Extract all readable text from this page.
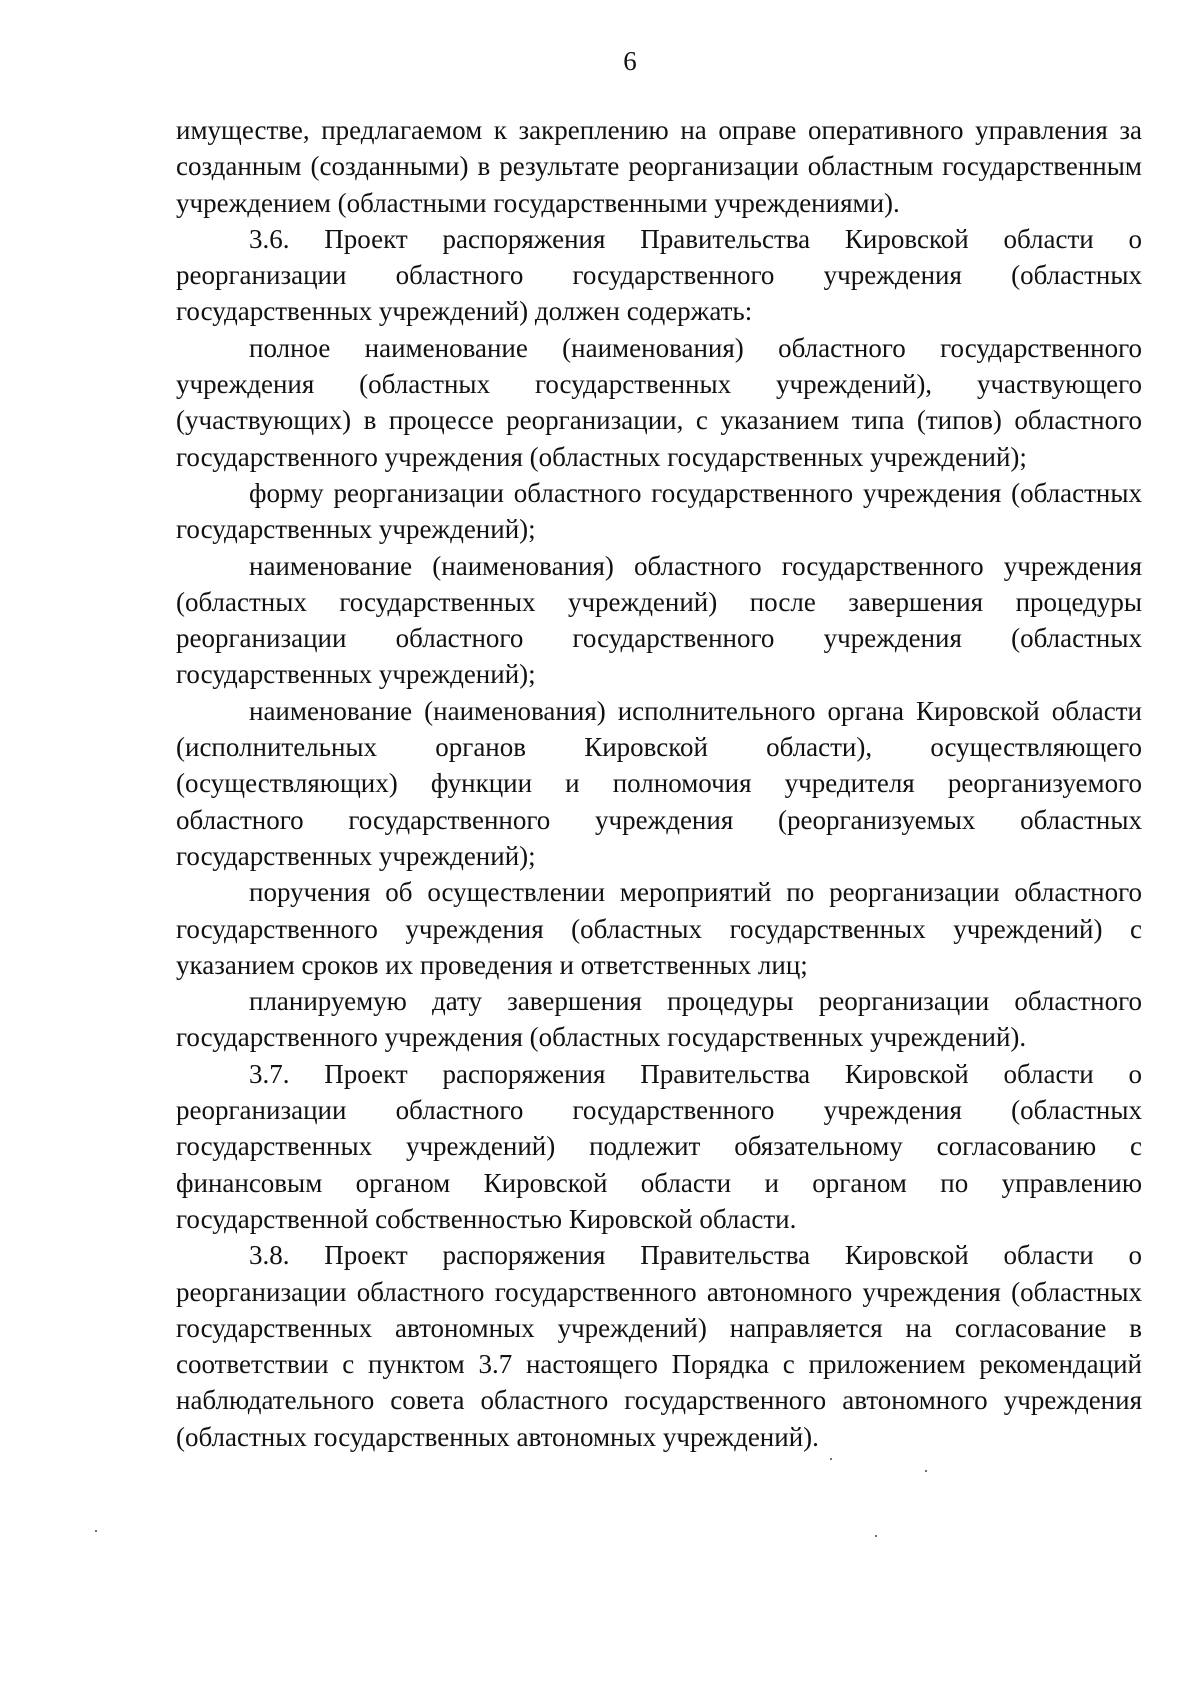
6

имуществе, предлагаемом к закреплению на оправе оперативного управления за созданным (созданными) в результате реорганизации областным государственным учреждением (областными государственными учреждениями).

3.6. Проект распоряжения Правительства Кировской области о реорганизации областного государственного учреждения (областных государственных учреждений) должен содержать:

полное наименование (наименования) областного государственного учреждения (областных государственных учреждений), участвующего (участвующих) в процессе реорганизации, с указанием типа (типов) областного государственного учреждения (областных государственных учреждений);

форму реорганизации областного государственного учреждения (областных государственных учреждений);

наименование (наименования) областного государственного учреждения (областных государственных учреждений) после завершения процедуры реорганизации областного государственного учреждения (областных государственных учреждений);

наименование (наименования) исполнительного органа Кировской области (исполнительных органов Кировской области), осуществляющего (осуществляющих) функции и полномочия учредителя реорганизуемого областного государственного учреждения (реорганизуемых областных государственных учреждений);

поручения об осуществлении мероприятий по реорганизации областного государственного учреждения (областных государственных учреждений) с указанием сроков их проведения и ответственных лиц;

планируемую дату завершения процедуры реорганизации областного государственного учреждения (областных государственных учреждений).

3.7. Проект распоряжения Правительства Кировской области о реорганизации областного государственного учреждения (областных государственных учреждений) подлежит обязательному согласованию с финансовым органом Кировской области и органом по управлению государственной собственностью Кировской области.

3.8. Проект распоряжения Правительства Кировской области о реорганизации областного государственного автономного учреждения (областных государственных автономных учреждений) направляется на согласование в соответствии с пунктом 3.7 настоящего Порядка с приложением рекомендаций наблюдательного совета областного государственного автономного учреждения (областных государственных автономных учреждений).
